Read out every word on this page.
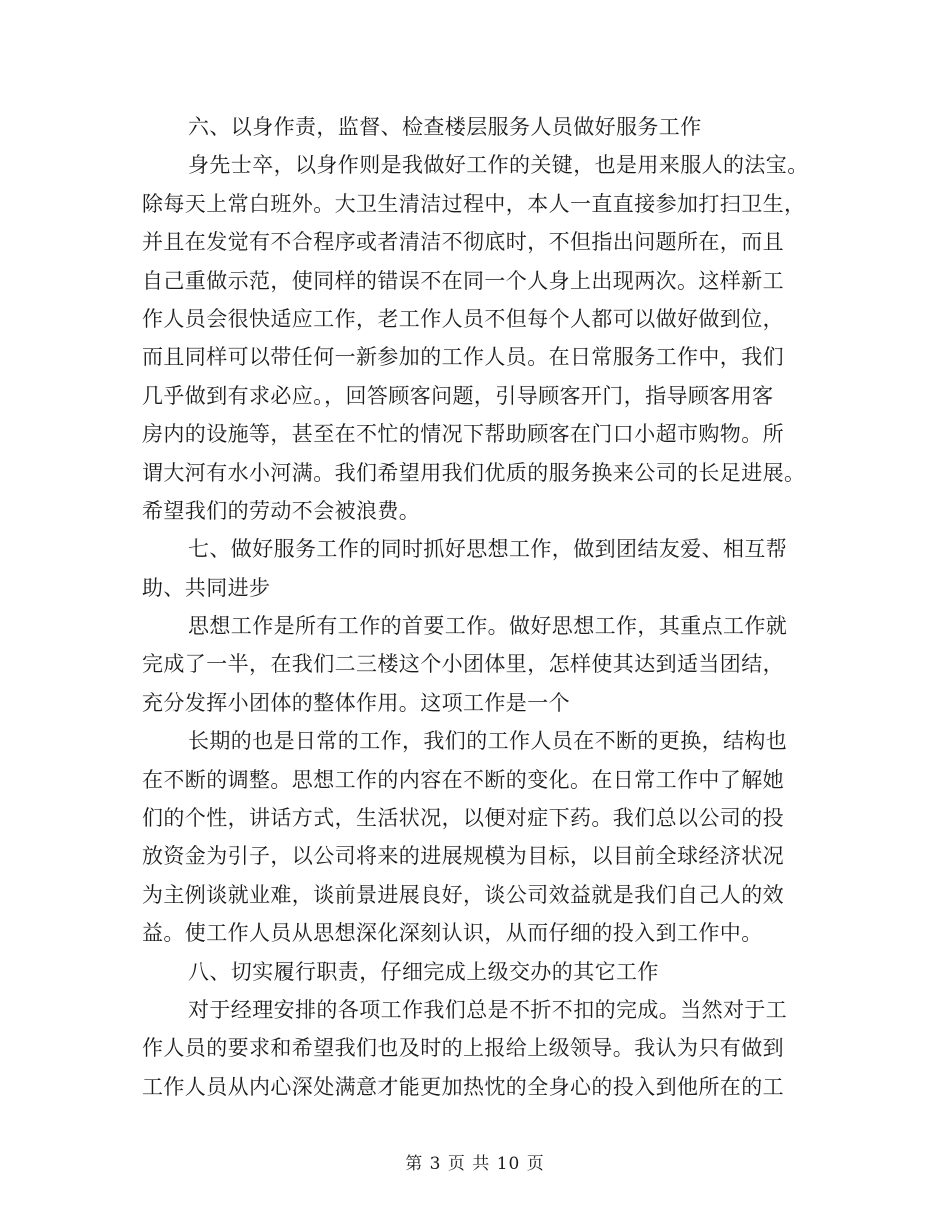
六、以身作责，监督、检查楼层服务人员做好服务工作
身先士卒，以身作则是我做好工作的关键，也是用来服人的法宝。
除每天上常白班外。大卫生清洁过程中，本人一直直接参加打扫卫生，
并且在发觉有不合程序或者清洁不彻底时，不但指出问题所在，而且
自己重做示范，使同样的错误不在同一个人身上出现两次。这样新工
作人员会很快适应工作，老工作人员不但每个人都可以做好做到位，
而且同样可以带任何一新参加的工作人员。在日常服务工作中，我们
几乎做到有求必应。，回答顾客问题，引导顾客开门，指导顾客用客
房内的设施等，甚至在不忙的情况下帮助顾客在门口小超市购物。所
谓大河有水小河满。我们希望用我们优质的服务换来公司的长足进展。
希望我们的劳动不会被浪费。
七、做好服务工作的同时抓好思想工作，做到团结友爱、相互帮
助、共同进步
思想工作是所有工作的首要工作。做好思想工作，其重点工作就
完成了一半，在我们二三楼这个小团体里，怎样使其达到适当团结，
充分发挥小团体的整体作用。这项工作是一个
长期的也是日常的工作，我们的工作人员在不断的更换，结构也
在不断的调整。思想工作的内容在不断的变化。在日常工作中了解她
们的个性，讲话方式，生活状况，以便对症下药。我们总以公司的投
放资金为引子，以公司将来的进展规模为目标，以目前全球经济状况
为主例谈就业难，谈前景进展良好，谈公司效益就是我们自己人的效
益。使工作人员从思想深化深刻认识，从而仔细的投入到工作中。
八、切实履行职责，仔细完成上级交办的其它工作
对于经理安排的各项工作我们总是不折不扣的完成。当然对于工
作人员的要求和希望我们也及时的上报给上级领导。我认为只有做到
工作人员从内心深处满意才能更加热忱的全身心的投入到他所在的工
第 3 页 共 10 页
